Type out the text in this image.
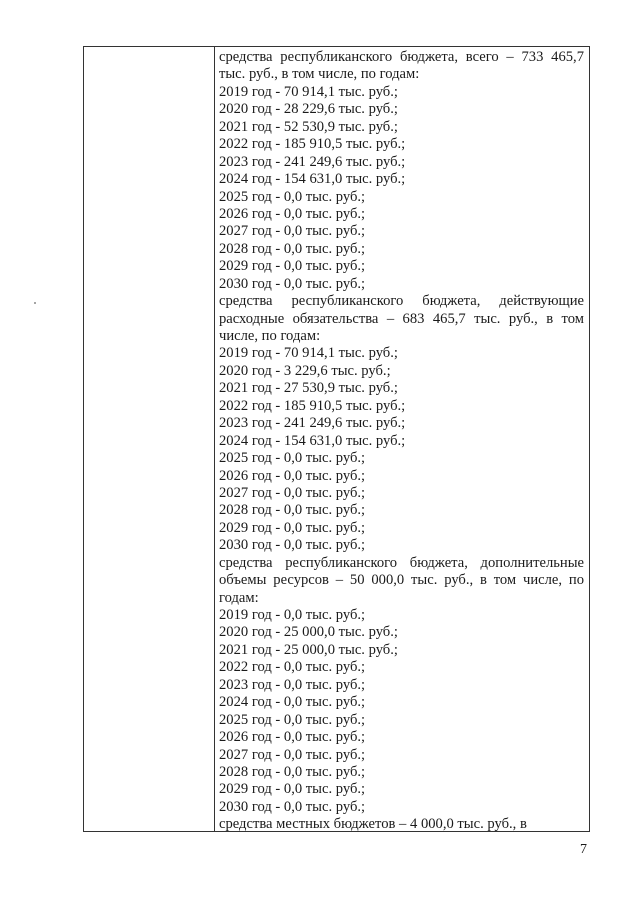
средства республиканского бюджета, всего – 733 465,7
тыс. руб., в том числе, по годам:
2019 год - 70 914,1 тыс. руб.;
2020 год - 28 229,6 тыс. руб.;
2021 год - 52 530,9 тыс. руб.;
2022 год - 185 910,5 тыс. руб.;
2023 год - 241 249,6 тыс. руб.;
2024 год - 154 631,0 тыс. руб.;
2025 год - 0,0 тыс. руб.;
2026 год - 0,0 тыс. руб.;
2027 год - 0,0 тыс. руб.;
2028 год - 0,0 тыс. руб.;
2029 год - 0,0 тыс. руб.;
2030 год - 0,0 тыс. руб.;
средства республиканского бюджета, действующие
расходные обязательства – 683 465,7 тыс. руб., в том
числе, по годам:
2019 год - 70 914,1 тыс. руб.;
2020 год - 3 229,6 тыс. руб.;
2021 год - 27 530,9 тыс. руб.;
2022 год - 185 910,5 тыс. руб.;
2023 год - 241 249,6 тыс. руб.;
2024 год - 154 631,0 тыс. руб.;
2025 год - 0,0 тыс. руб.;
2026 год - 0,0 тыс. руб.;
2027 год - 0,0 тыс. руб.;
2028 год - 0,0 тыс. руб.;
2029 год - 0,0 тыс. руб.;
2030 год - 0,0 тыс. руб.;
средства республиканского бюджета, дополнительные
объемы ресурсов – 50 000,0 тыс. руб., в том числе, по
годам:
2019 год - 0,0 тыс. руб.;
2020 год - 25 000,0 тыс. руб.;
2021 год - 25 000,0 тыс. руб.;
2022 год - 0,0 тыс. руб.;
2023 год - 0,0 тыс. руб.;
2024 год - 0,0 тыс. руб.;
2025 год - 0,0 тыс. руб.;
2026 год - 0,0 тыс. руб.;
2027 год - 0,0 тыс. руб.;
2028 год - 0,0 тыс. руб.;
2029 год - 0,0 тыс. руб.;
2030 год - 0,0 тыс. руб.;
средства местных бюджетов – 4 000,0 тыс. руб., в
7
